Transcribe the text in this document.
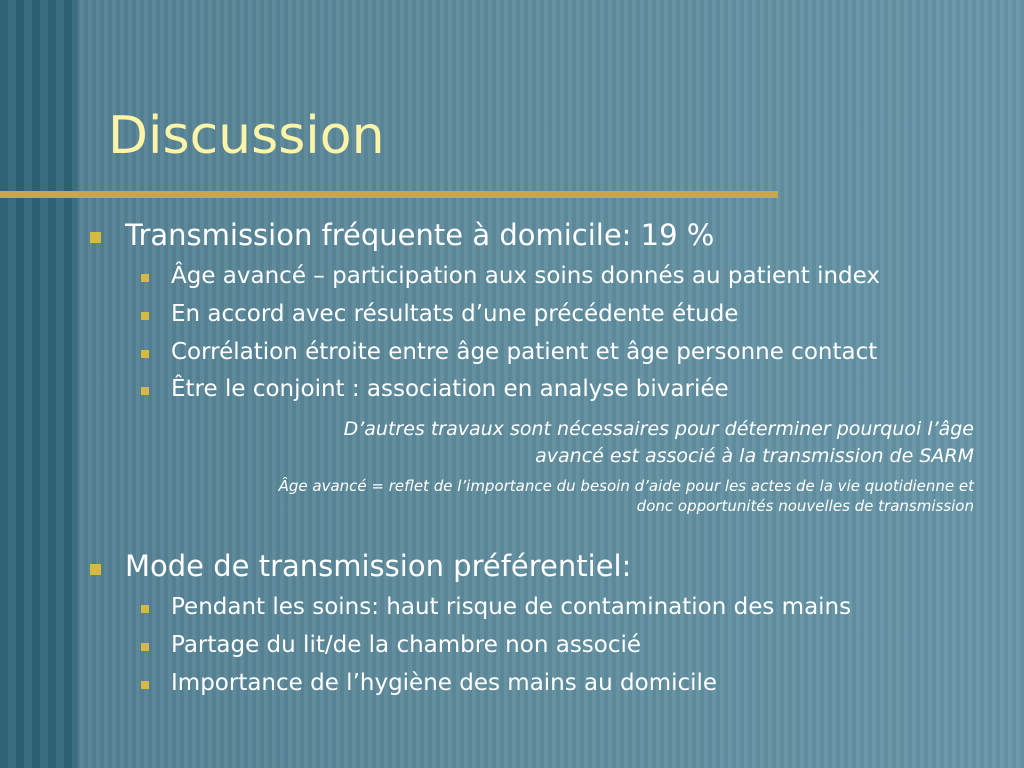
Discussion
Transmission fréquente à domicile: 19 %
Âge avancé – participation aux soins donnés au patient index
En accord avec résultats d’une précédente étude
Corrélation étroite entre âge patient et âge personne contact
Être le conjoint : association en analyse bivariée
D’autres travaux sont nécessaires pour déterminer pourquoi l’âge
avancé est associé à la transmission de SARM
Âge avancé = reflet de l’importance du besoin d’aide pour les actes de la vie quotidienne et
donc opportunités nouvelles de transmission
Mode de transmission préférentiel:
Pendant les soins: haut risque de contamination des mains
Partage du lit/de la chambre non associé
Importance de l’hygiène des mains au domicile
